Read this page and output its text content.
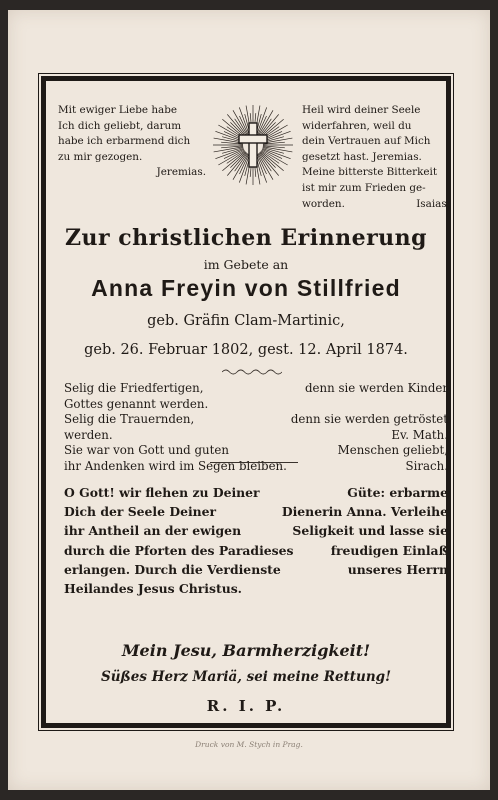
Mit ewiger Liebe habe
Ich dich geliebt, darum
habe ich erbarmend dich
zu mir gezogen.
Jeremias.
Heil wird deiner Seele
widerfahren, weil du
dein Vertrauen auf Mich
gesetzt hast. Jeremias.
Meine bitterste Bitterkeit
ist mir zum Frieden ge-
worden.	Isaias.
Zur christlichen Erinnerung
im Gebete an
Anna Freyin von Stillfried
geb. Gräfin Clam-Martinic,
geb. 26. Februar 1802, gest. 12. April 1874.
Selig die Friedfertigen,	denn sie werden Kinder
Gottes genannt werden.
Selig die Trauernden,	denn sie werden getröstet
werden.	Ev. Math.
Sie war von Gott und guten	Menschen geliebt,
ihr Andenken wird im Segen bleiben.	Sirach.
O Gott! wir flehen zu Deiner	Güte: erbarme
Dich der Seele Deiner	Dienerin Anna. Verleihe
ihr Antheil an der ewigen	Seligkeit und lasse sie
durch die Pforten des Paradieses	freudigen Einlaß
erlangen. Durch die Verdienste	unseres Herrn
Heilandes Jesus Christus.
Mein Jesu, Barmherzigkeit!
Süßes Herz Mariä, sei meine Rettung!
R. I. P.
Druck von M. Stych in Prag.
